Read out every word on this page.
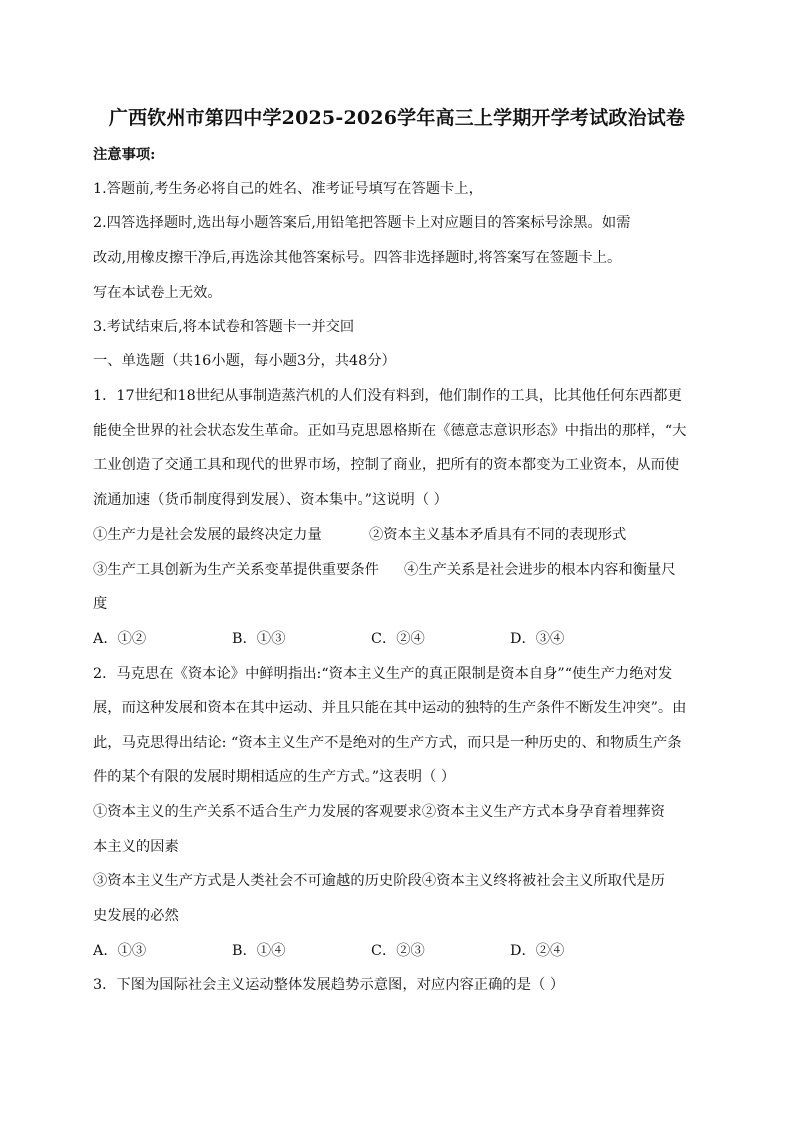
广西钦州市第四中学2025-2026学年高三上学期开学考试政治试卷
注意事项:
1.答题前,考生务必将自己的姓名、准考证号填写在答题卡上，
2.四答选择题时,选出每小题答案后,用铅笔把答题卡上对应题目的答案标号涂黑。如需
改动,用橡皮擦干净后,再选涂其他答案标号。四答非选择题时,将答案写在签题卡上。
写在本试卷上无效。
3.考试结束后,将本试卷和答题卡一并交回
一、单选题（共16小题，每小题3分，共48分）
1．17世纪和18世纪从事制造蒸汽机的人们没有料到，他们制作的工具，比其他任何东西都更
能使全世界的社会状态发生革命。正如马克思恩格斯在《德意志意识形态》中指出的那样，“大
工业创造了交通工具和现代的世界市场，控制了商业，把所有的资本都变为工业资本，从而使
流通加速（货币制度得到发展）、资本集中。”这说明（ ）
①生产力是社会发展的最终决定力量	②资本主义基本矛盾具有不同的表现形式
③生产工具创新为生产关系变革提供重要条件 ④生产关系是社会进步的根本内容和衡量尺
度
A．①②	B．①③	C．②④	D．③④
2．马克思在《资本论》中鲜明指出:“资本主义生产的真正限制是资本自身”“使生产力绝对发
展，而这种发展和资本在其中运动、并且只能在其中运动的独特的生产条件不断发生冲突”。由
此，马克思得出结论: “资本主义生产不是绝对的生产方式，而只是一种历史的、和物质生产条
件的某个有限的发展时期相适应的生产方式。”这表明（ ）
①资本主义的生产关系不适合生产力发展的客观要求②资本主义生产方式本身孕育着埋葬资
本主义的因素
③资本主义生产方式是人类社会不可逾越的历史阶段④资本主义终将被社会主义所取代是历
史发展的必然
A．①③	B．①④	C．②③	D．②④
3．下图为国际社会主义运动整体发展趋势示意图，对应内容正确的是（ ）
